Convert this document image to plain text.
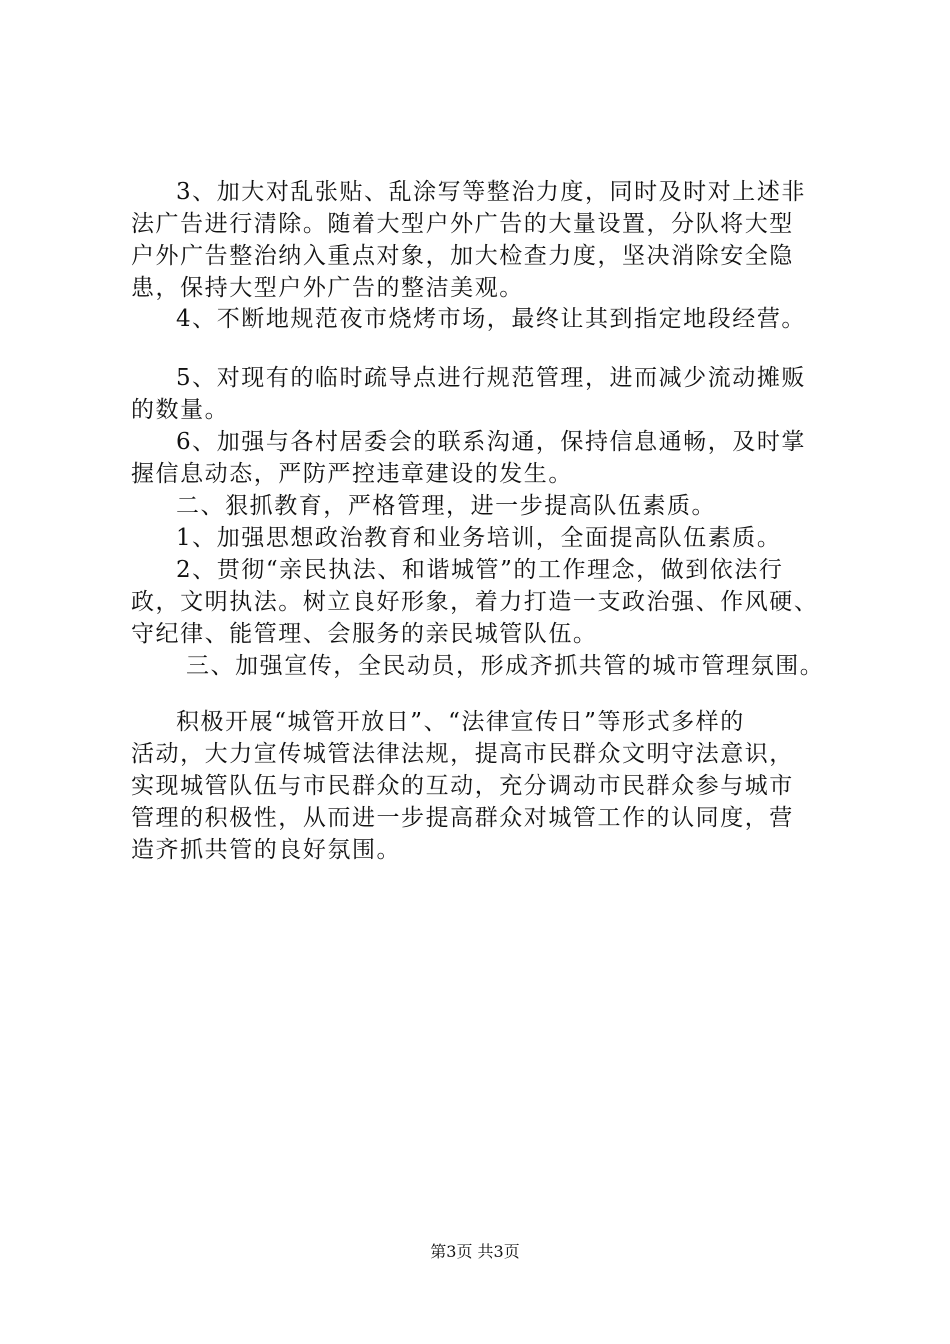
3、加大对乱张贴、乱涂写等整治力度，同时及时对上述非

法广告进行清除。随着大型户外广告的大量设置，分队将大型

户外广告整治纳入重点对象，加大检查力度，坚决消除安全隐

患，保持大型户外广告的整洁美观。

4、不断地规范夜市烧烤市场，最终让其到指定地段经营。

5、对现有的临时疏导点进行规范管理，进而减少流动摊贩

的数量。

6、加强与各村居委会的联系沟通，保持信息通畅，及时掌

握信息动态，严防严控违章建设的发生。

二、狠抓教育，严格管理，进一步提高队伍素质。

1、加强思想政治教育和业务培训，全面提高队伍素质。

2、贯彻“亲民执法、和谐城管”的工作理念，做到依法行

政，文明执法。树立良好形象，着力打造一支政治强、作风硬、

守纪律、能管理、会服务的亲民城管队伍。

三、加强宣传，全民动员，形成齐抓共管的城市管理氛围。

积极开展“城管开放日”、“法律宣传日”等形式多样的

活动，大力宣传城管法律法规，提高市民群众文明守法意识，

实现城管队伍与市民群众的互动，充分调动市民群众参与城市

管理的积极性，从而进一步提高群众对城管工作的认同度，营

造齐抓共管的良好氛围。

第3页 共3页
